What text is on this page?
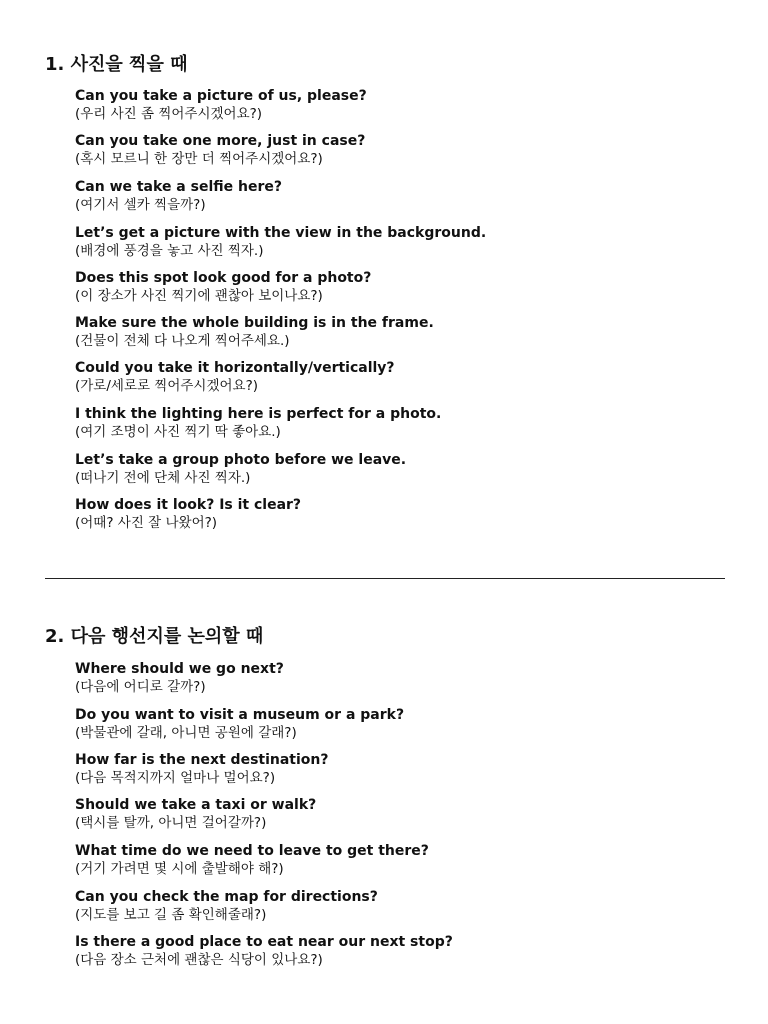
1. 사진을 찍을 때
Can you take a picture of us, please?
(우리 사진 좀 찍어주시겠어요?)
Can you take one more, just in case?
(혹시 모르니 한 장만 더 찍어주시겠어요?)
Can we take a selfie here?
(여기서 셀카 찍을까?)
Let’s get a picture with the view in the background.
(배경에 풍경을 놓고 사진 찍자.)
Does this spot look good for a photo?
(이 장소가 사진 찍기에 괜찮아 보이나요?)
Make sure the whole building is in the frame.
(건물이 전체 다 나오게 찍어주세요.)
Could you take it horizontally/vertically?
(가로/세로로 찍어주시겠어요?)
I think the lighting here is perfect for a photo.
(여기 조명이 사진 찍기 딱 좋아요.)
Let’s take a group photo before we leave.
(떠나기 전에 단체 사진 찍자.)
How does it look? Is it clear?
(어때? 사진 잘 나왔어?)
2. 다음 행선지를 논의할 때
Where should we go next?
(다음에 어디로 갈까?)
Do you want to visit a museum or a park?
(박물관에 갈래, 아니면 공원에 갈래?)
How far is the next destination?
(다음 목적지까지 얼마나 멀어요?)
Should we take a taxi or walk?
(택시를 탈까, 아니면 걸어갈까?)
What time do we need to leave to get there?
(거기 가려면 몇 시에 출발해야 해?)
Can you check the map for directions?
(지도를 보고 길 좀 확인해줄래?)
Is there a good place to eat near our next stop?
(다음 장소 근처에 괜찮은 식당이 있나요?)
